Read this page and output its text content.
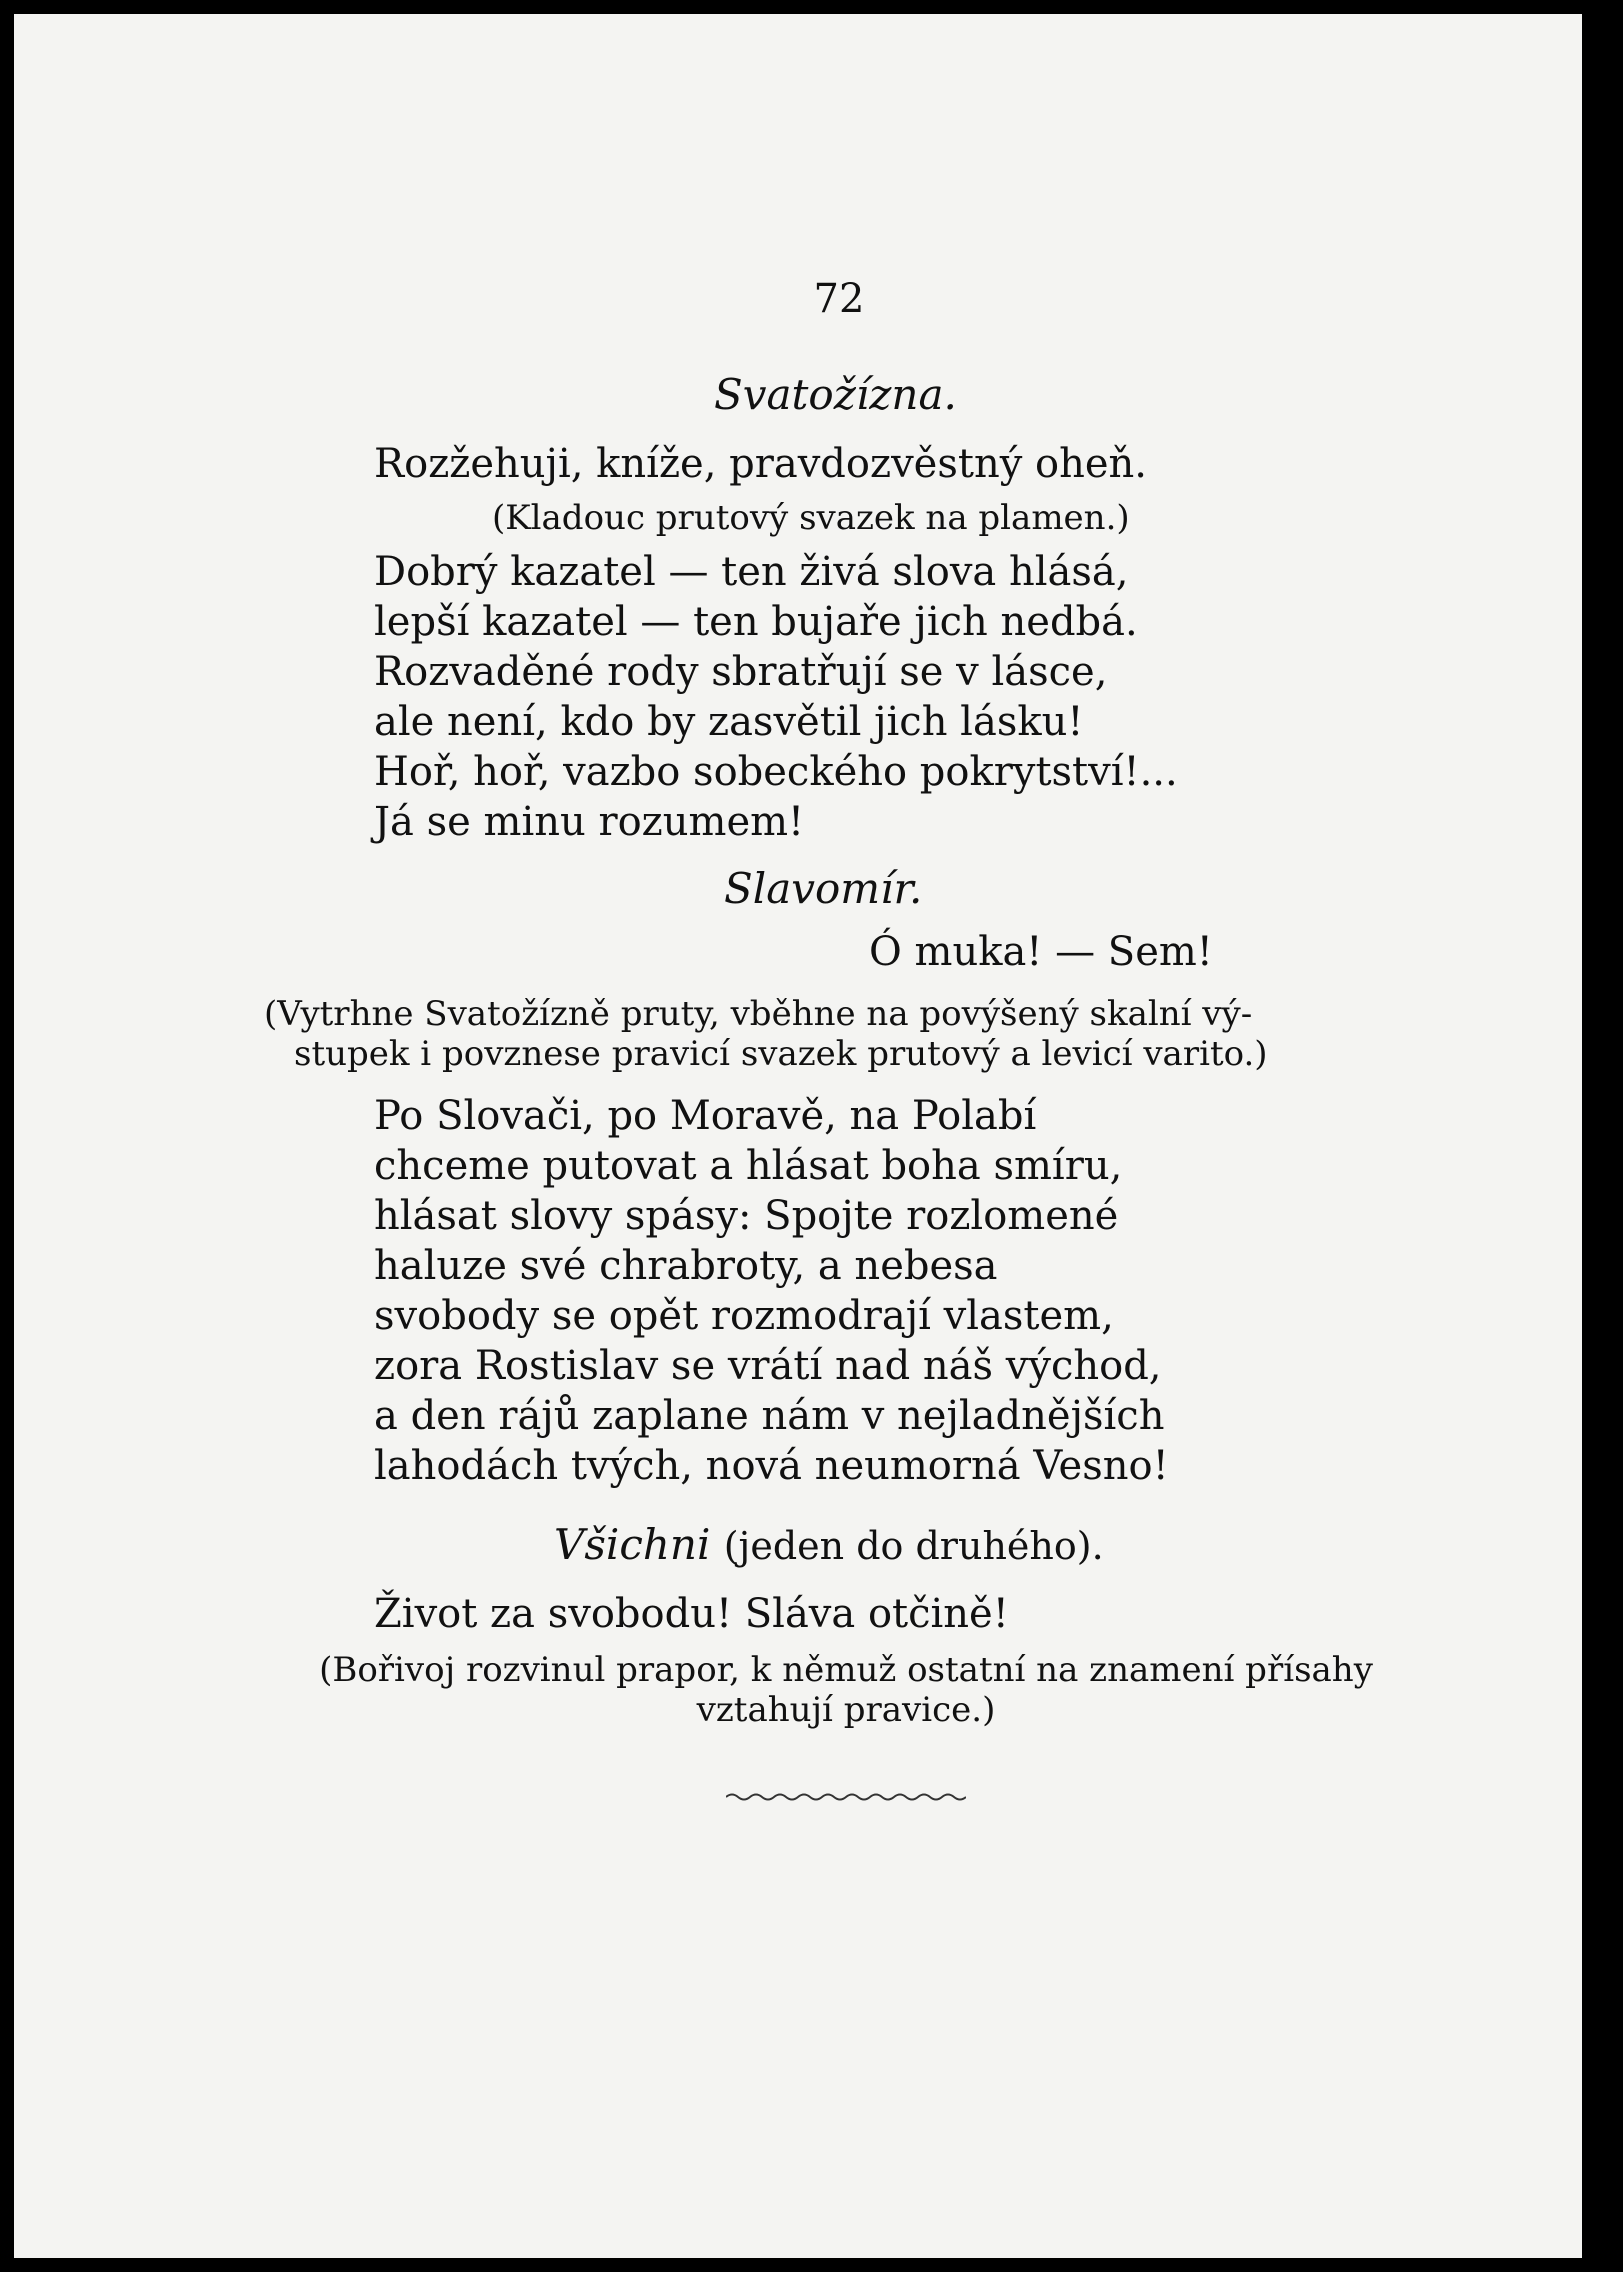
72
Svatožízna.
Rozžehuji, kníže, pravdozvěstný oheň.
(Kladouc prutový svazek na plamen.)
Dobrý kazatel — ten živá slova hlásá,
lepší kazatel — ten bujaře jich nedbá.
Rozvaděné rody sbratřují se v lásce,
ale není, kdo by zasvětil jich lásku!
Hoř, hoř, vazbo sobeckého pokrytství!...
Já se minu rozumem!
Slavomír.
Ó muka! — Sem!
(Vytrhne Svatožízně pruty, vběhne na povýšený skalní vý-
stupek i povznese pravicí svazek prutový a levicí varito.)
Po Slovači, po Moravě, na Polabí
chceme putovat a hlásat boha smíru,
hlásat slovy spásy: Spojte rozlomené
haluze své chrabroty, a nebesa
svobody se opět rozmodrají vlastem,
zora Rostislav se vrátí nad náš východ,
a den rájů zaplane nám v nejladnějších
lahodách tvých, nová neumorná Vesno!
Všichni (jeden do druhého).
Život za svobodu! Sláva otčině!
(Bořivoj rozvinul prapor, k němuž ostatní na znamení přísahy
vztahují pravice.)
